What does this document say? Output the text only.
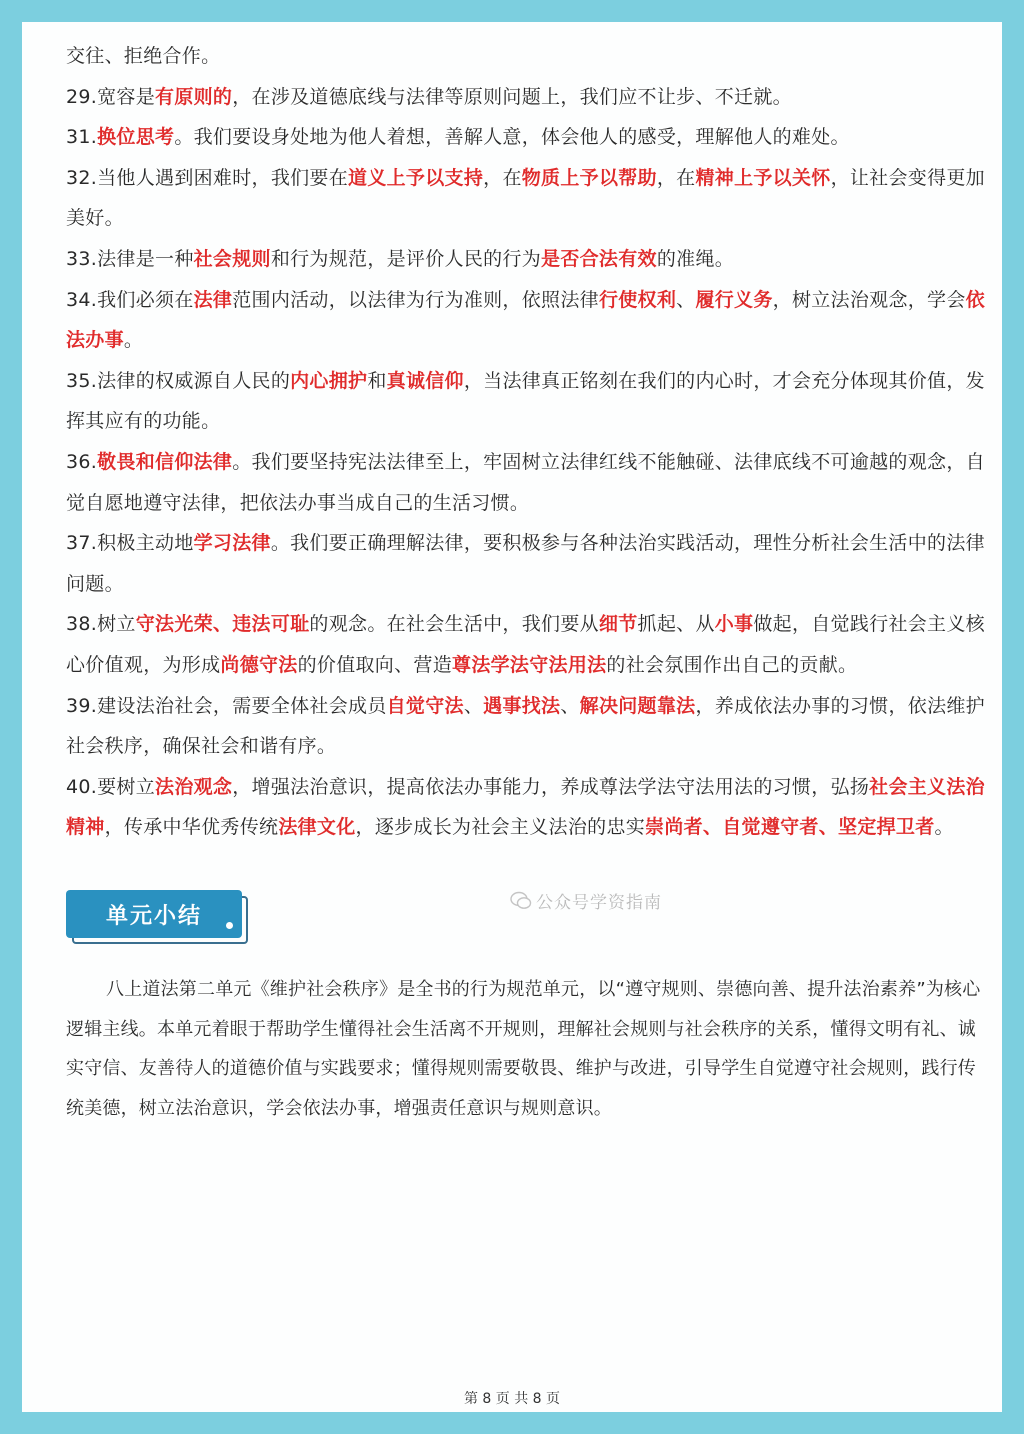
交往、拒绝合作。

29.宽容是有原则的，在涉及道德底线与法律等原则问题上，我们应不让步、不迁就。

31.换位思考。我们要设身处地为他人着想，善解人意，体会他人的感受，理解他人的难处。

32.当他人遇到困难时，我们要在道义上予以支持，在物质上予以帮助，在精神上予以关怀，让社会变得更加美好。

33.法律是一种社会规则和行为规范，是评价人民的行为是否合法有效的准绳。

34.我们必须在法律范围内活动，以法律为行为准则，依照法律行使权利、履行义务，树立法治观念，学会依法办事。

35.法律的权威源自人民的内心拥护和真诚信仰，当法律真正铭刻在我们的内心时，才会充分体现其价值，发挥其应有的功能。

36.敬畏和信仰法律。我们要坚持宪法法律至上，牢固树立法律红线不能触碰、法律底线不可逾越的观念，自觉自愿地遵守法律，把依法办事当成自己的生活习惯。

37.积极主动地学习法律。我们要正确理解法律，要积极参与各种法治实践活动，理性分析社会生活中的法律问题。

38.树立守法光荣、违法可耻的观念。在社会生活中，我们要从细节抓起、从小事做起，自觉践行社会主义核心价值观，为形成尚德守法的价值取向、营造尊法学法守法用法的社会氛围作出自己的贡献。

39.建设法治社会，需要全体社会成员自觉守法、遇事找法、解决问题靠法，养成依法办事的习惯，依法维护社会秩序，确保社会和谐有序。

40.要树立法治观念，增强法治意识，提高依法办事能力，养成尊法学法守法用法的习惯，弘扬社会主义法治精神，传承中华优秀传统法律文化，逐步成长为社会主义法治的忠实崇尚者、自觉遵守者、坚定捍卫者。

单元小结
公众号学资指南

八上道法第二单元《维护社会秩序》是全书的行为规范单元，以“遵守规则、崇德向善、提升法治素养”为核心逻辑主线。本单元着眼于帮助学生懂得社会生活离不开规则，理解社会规则与社会秩序的关系，懂得文明有礼、诚实守信、友善待人的道德价值与实践要求；懂得规则需要敬畏、维护与改进，引导学生自觉遵守社会规则，践行传统美德，树立法治意识，学会依法办事，增强责任意识与规则意识。

第 8 页 共 8 页
